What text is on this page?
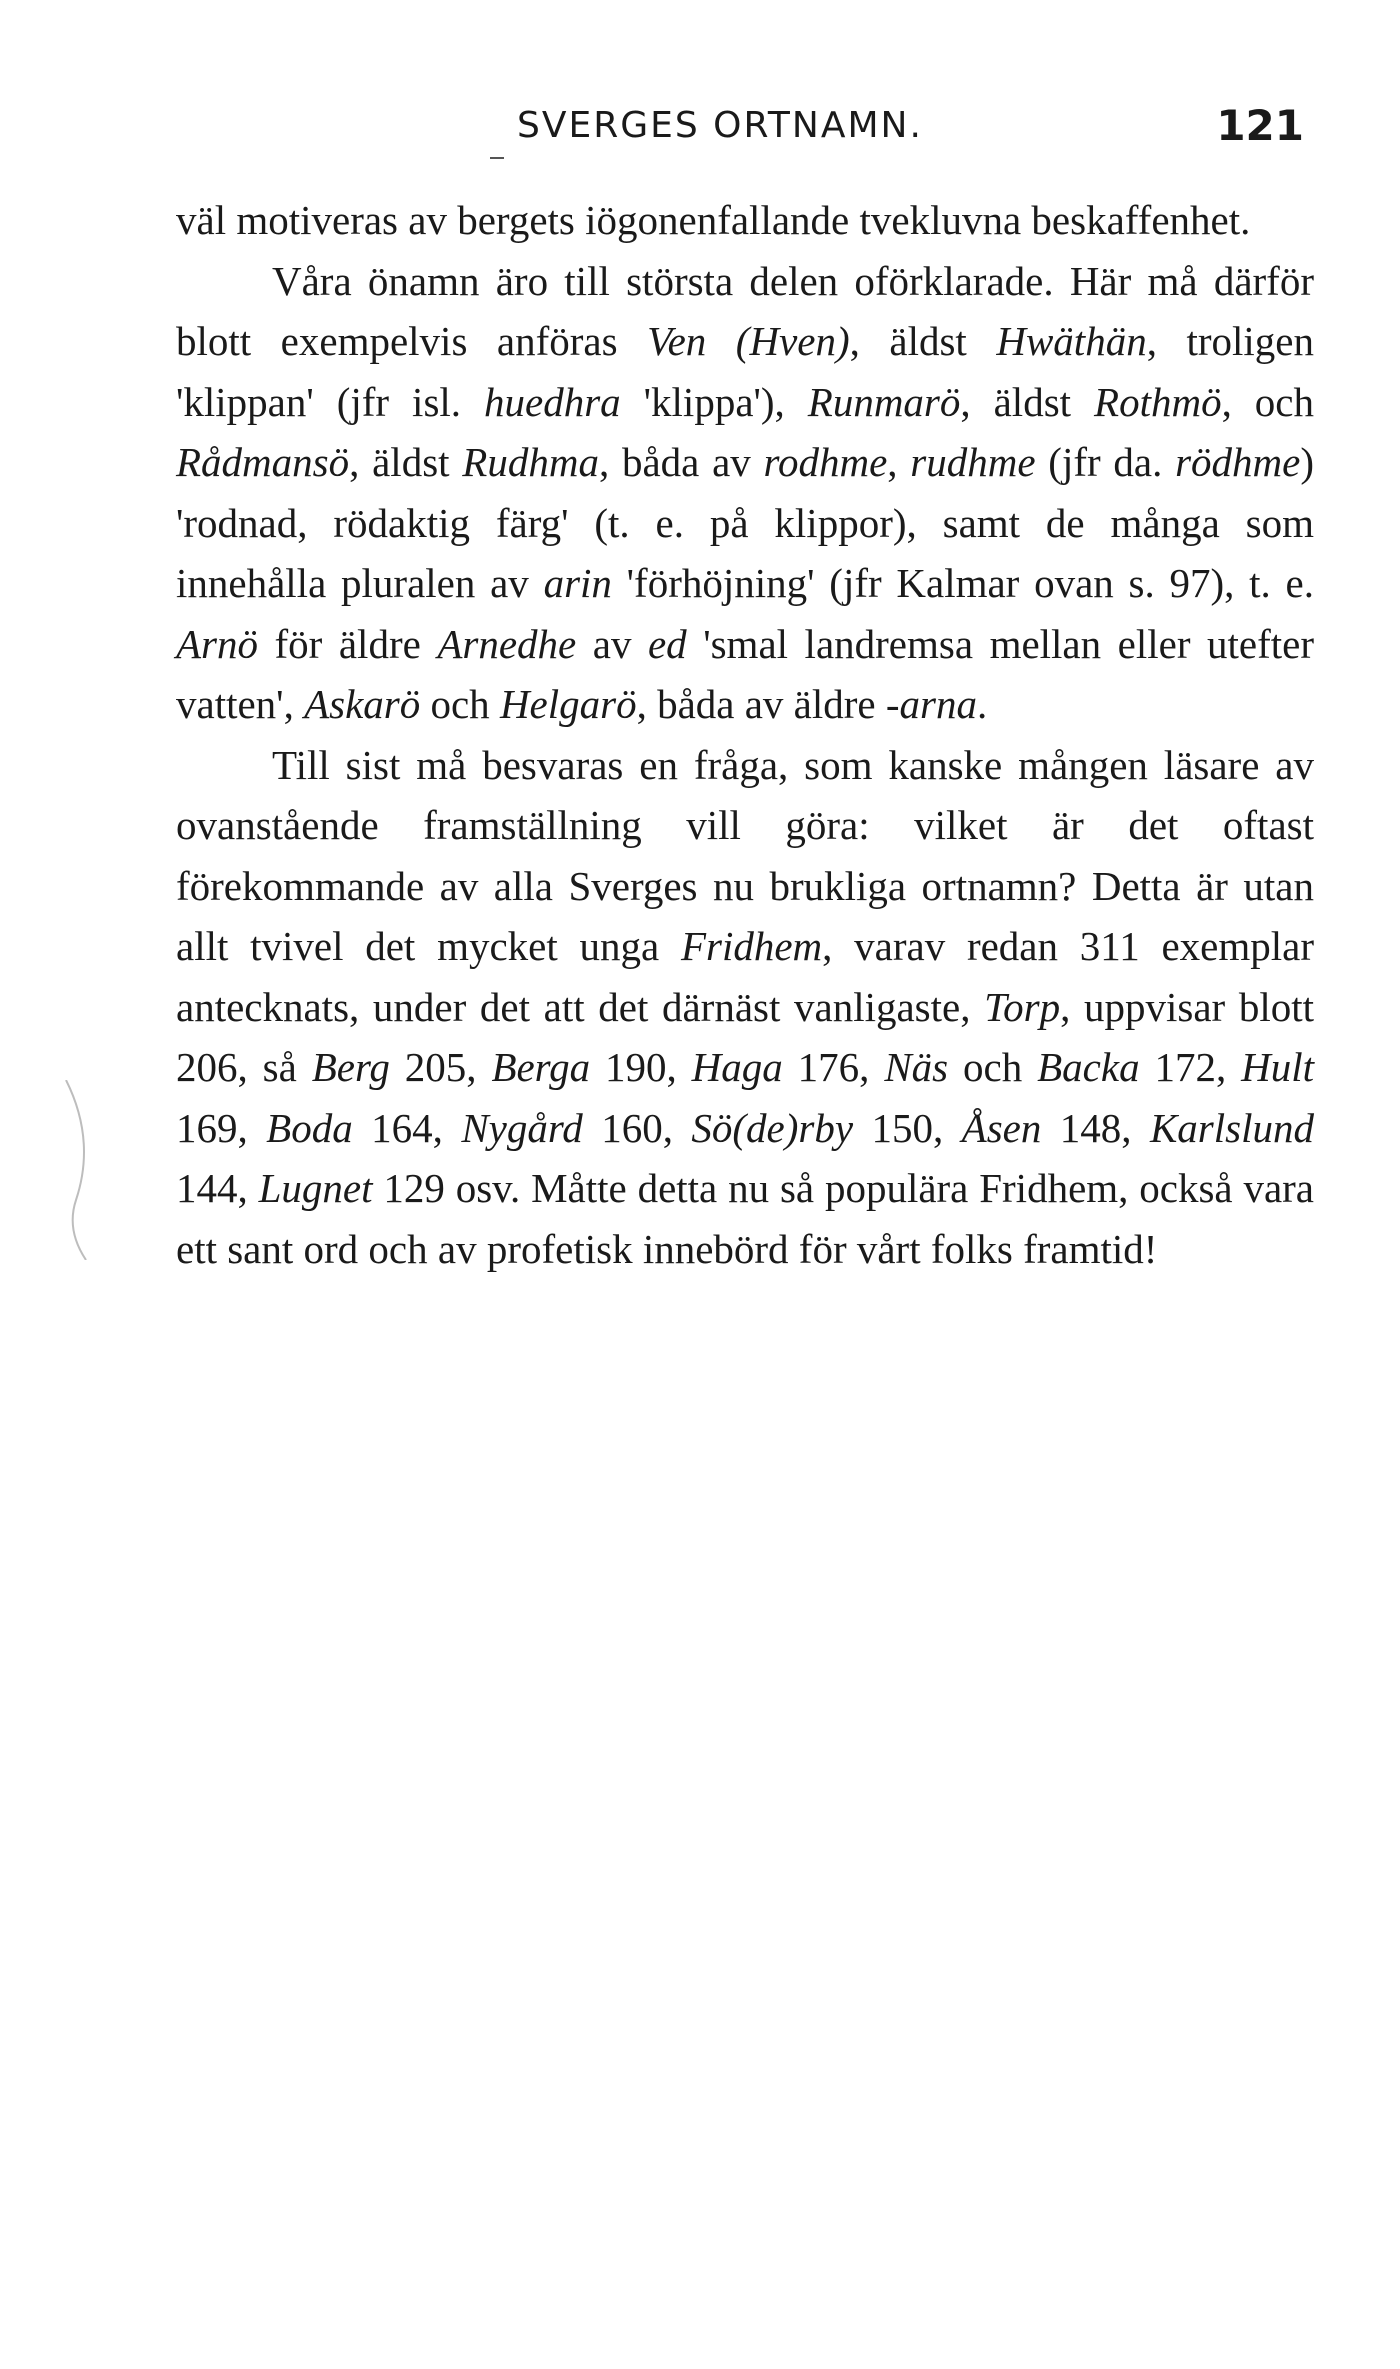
SVERGES ORTNAMN.	121

väl motiveras av bergets iögonenfallande tvekluvna beskaffenhet.

Våra önamn äro till största delen oförklarade. Här må därför blott exempelvis anföras Ven (Hven), äldst Hwäthän, troligen 'klippan' (jfr isl. huedhra 'klippa'), Runmarö, äldst Rothmö, och Rådmansö, äldst Rudhma, båda av rodhme, rudhme (jfr da. rödhme) 'rodnad, rödaktig färg' (t. e. på klippor), samt de många som innehålla pluralen av arin 'förhöjning' (jfr Kalmar ovan s. 97), t. e. Arnö för äldre Arnedhe av ed 'smal landremsa mellan eller utefter vatten', Askarö och Helgarö, båda av äldre -arna.

Till sist må besvaras en fråga, som kanske mången läsare av ovanstående framställning vill göra: vilket är det oftast förekommande av alla Sverges nu brukliga ortnamn? Detta är utan allt tvivel det mycket unga Fridhem, varav redan 311 exemplar antecknats, under det att det därnäst vanligaste, Torp, uppvisar blott 206, så Berg 205, Berga 190, Haga 176, Näs och Backa 172, Hult 169, Boda 164, Nygård 160, Sö(de)rby 150, Åsen 148, Karlslund 144, Lugnet 129 osv. Måtte detta nu så populära Fridhem, också vara ett sant ord och av profetisk innebörd för vårt folks framtid!
